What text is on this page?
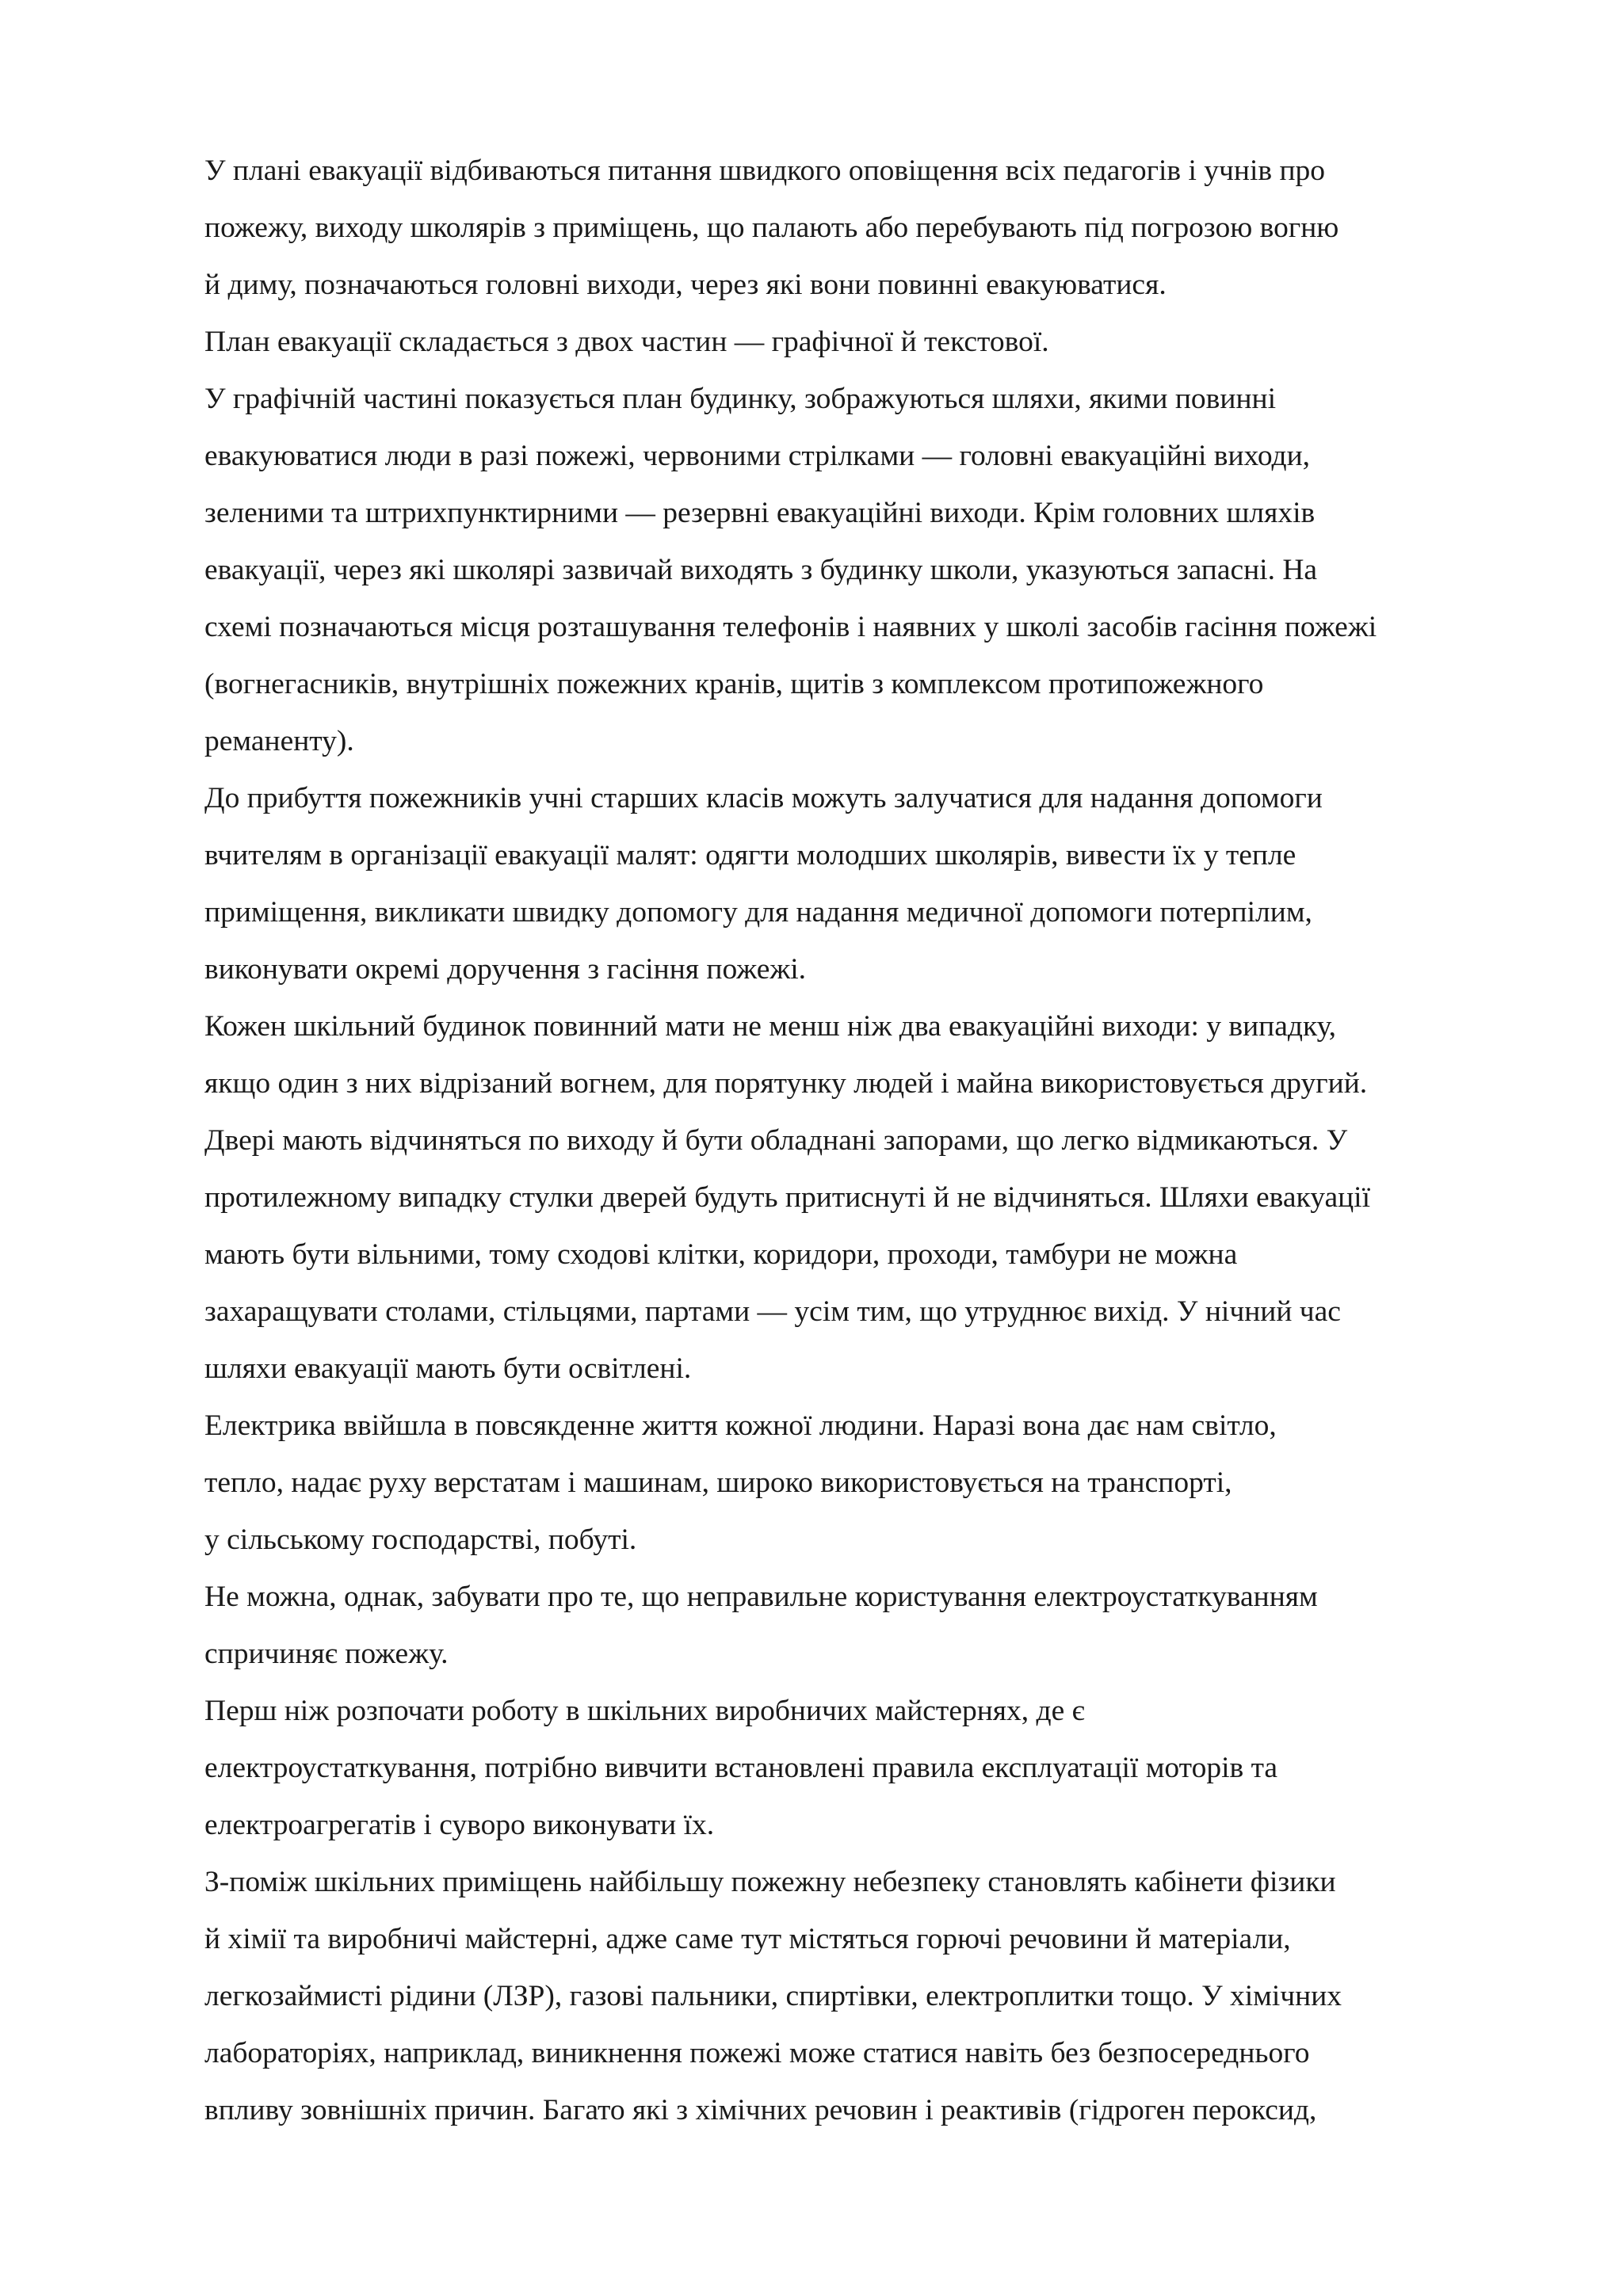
У плані евакуації відбиваються питання швидкого оповіщення всіх педагогів і учнів про
пожежу, виходу школярів з приміщень, що палають або перебувають під погрозою вогню
й диму, позначаються головні виходи, через які вони повинні евакуюватися.

План евакуації складається з двох частин — графічної й текстової.

У графічній частині показується план будинку, зображуються шляхи, якими повинні
евакуюватися люди в разі пожежі, червоними стрілками — головні евакуаційні виходи,
зеленими та штрихпунктирними — резервні евакуаційні виходи. Крім головних шляхів
евакуації, через які школярі зазвичай виходять з будинку школи, указуються запасні. На
схемі позначаються місця розташування телефонів і наявних у школі засобів гасіння пожежі
(вогнегасників, внутрішніх пожежних кранів, щитів з комплексом протипожежного
реманенту).

До прибуття пожежників учні старших класів можуть залучатися для надання допомоги
вчителям в організації евакуації малят: одягти молодших школярів, вивести їх у тепле
приміщення, викликати швидку допомогу для надання медичної допомоги потерпілим,
виконувати окремі доручення з гасіння пожежі.

Кожен шкільний будинок повинний мати не менш ніж два евакуаційні виходи: у випадку,
якщо один з них відрізаний вогнем, для порятунку людей і майна використовується другий.
Двері мають відчиняться по виходу й бути обладнані запорами, що легко відмикаються. У
протилежному випадку стулки дверей будуть притиснуті й не відчиняться. Шляхи евакуації
мають бути вільними, тому сходові клітки, коридори, проходи, тамбури не можна
захаращувати столами, стільцями, партами — усім тим, що утруднює вихід. У нічний час
шляхи евакуації мають бути освітлені.

Електрика ввійшла в повсякденне життя кожної людини. Наразі вона дає нам світло,
тепло, надає руху верстатам і машинам, широко використовується на транспорті,
у сільському господарстві, побуті.

Не можна, однак, забувати про те, що неправильне користування електроустаткуванням
спричиняє пожежу.

Перш ніж розпочати роботу в шкільних виробничих майстернях, де є
електроустаткування, потрібно вивчити встановлені правила експлуатації моторів та
електроагрегатів і суворо виконувати їх.

З-поміж шкільних приміщень найбільшу пожежну небезпеку становлять кабінети фізики
й хімії та виробничі майстерні, адже саме тут містяться горючі речовини й матеріали,
легкозаймисті рідини (ЛЗР), газові пальники, спиртівки, електроплитки тощо. У хімічних
лабораторіях, наприклад, виникнення пожежі може статися навіть без безпосереднього
впливу зовнішніх причин. Багато які з хімічних речовин і реактивів (гідроген пероксид,
